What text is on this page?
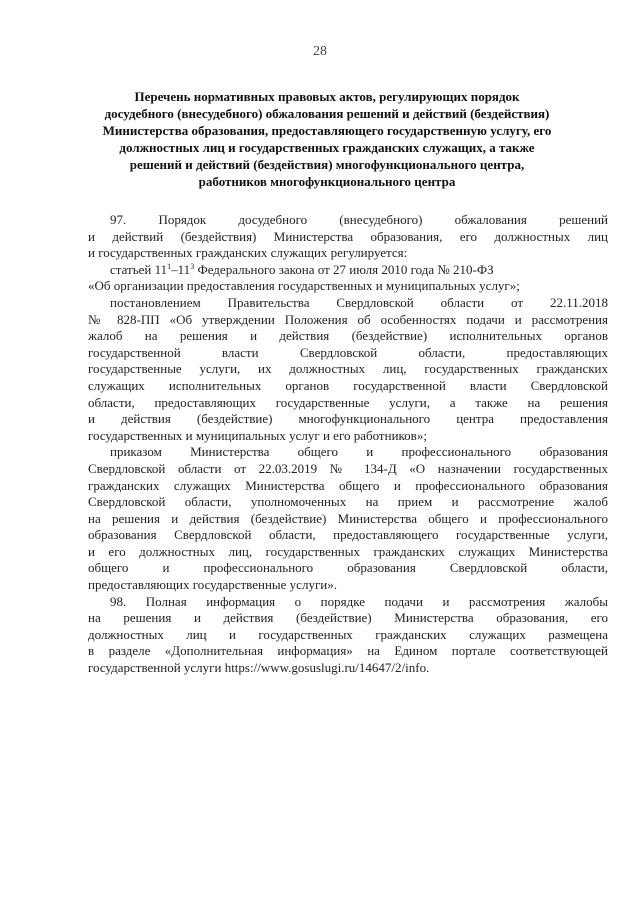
28
Перечень нормативных правовых актов, регулирующих порядок
досудебного (внесудебного) обжалования решений и действий (бездействия)
Министерства образования, предоставляющего государственную услугу, его
должностных лиц и государственных гражданских служащих, а также
решений и действий (бездействия) многофункционального центра,
работников многофункционального центра
97. Порядок досудебного (внесудебного) обжалования решений
и действий (бездействия) Министерства образования, его должностных лиц
и государственных гражданских служащих регулируется:
статьей $11^1-11^3$ Федерального закона от 27 июля 2010 года № 210-ФЗ
«Об организации предоставления государственных и муниципальных услуг»;
постановлением Правительства Свердловской области от 22.11.2018
№ 828-ПП «Об утверждении Положения об особенностях подачи и рассмотрения
жалоб на решения и действия (бездействие) исполнительных органов
государственной власти Свердловской области, предоставляющих
государственные услуги, их должностных лиц, государственных гражданских
служащих исполнительных органов государственной власти Свердловской
области, предоставляющих государственные услуги, а также на решения
и действия (бездействие) многофункционального центра предоставления
государственных и муниципальных услуг и его работников»;
приказом Министерства общего и профессионального образования
Свердловской области от 22.03.2019 № 134-Д «О назначении государственных
гражданских служащих Министерства общего и профессионального образования
Свердловской области, уполномоченных на прием и рассмотрение жалоб
на решения и действия (бездействие) Министерства общего и профессионального
образования Свердловской области, предоставляющего государственные услуги,
и его должностных лиц, государственных гражданских служащих Министерства
общего и профессионального образования Свердловской области,
предоставляющих государственные услуги».
98. Полная информация о порядке подачи и рассмотрения жалобы
на решения и действия (бездействие) Министерства образования, его
должностных лиц и государственных гражданских служащих размещена
в разделе «Дополнительная информация» на Едином портале соответствующей
государственной услуги https://www.gosuslugi.ru/14647/2/info.
